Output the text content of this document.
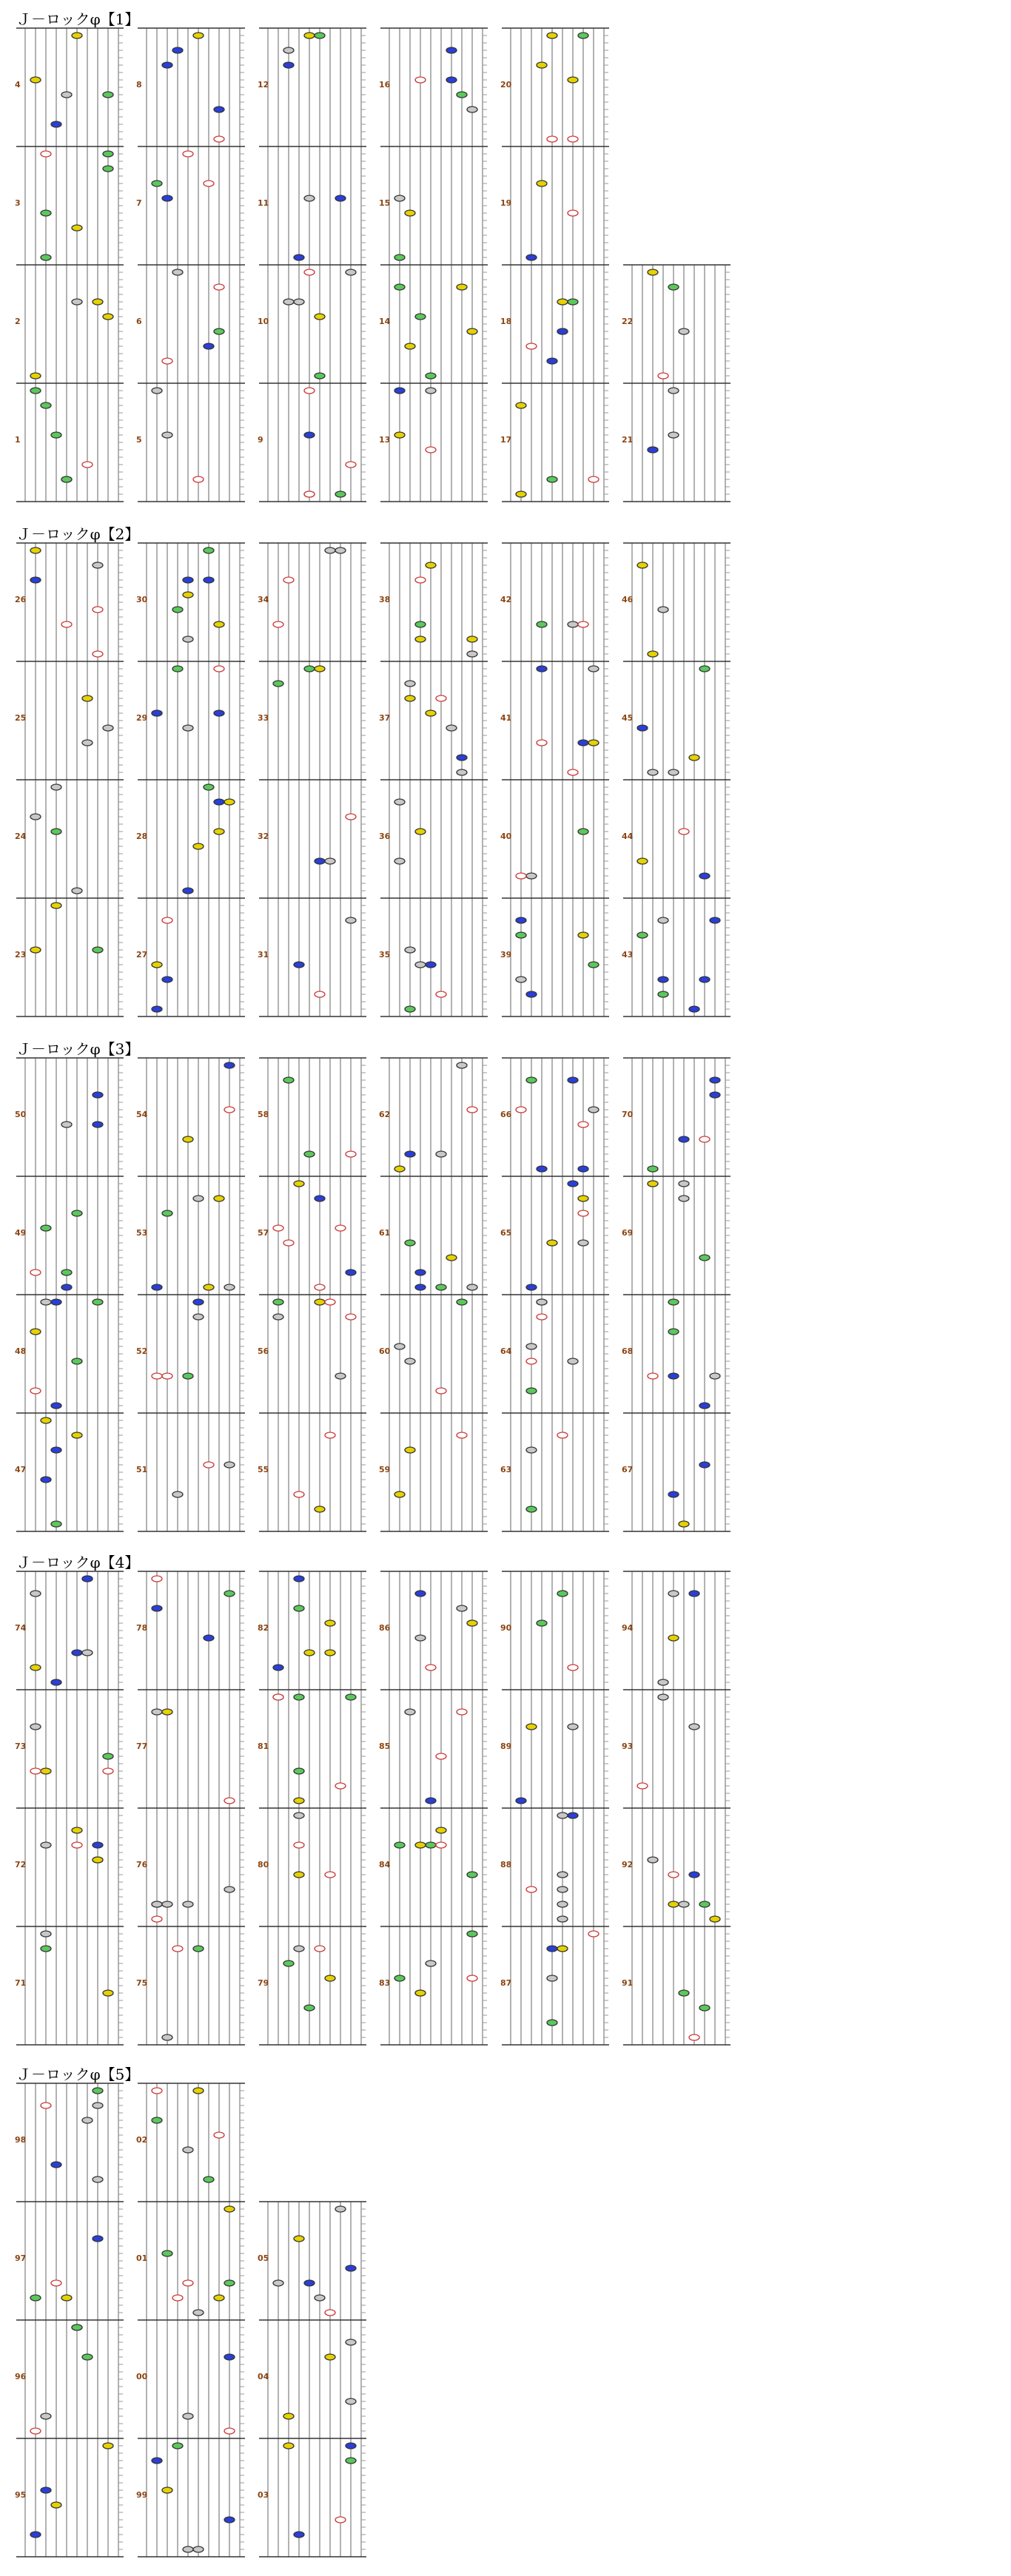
Ｊ－ロックφ【1】
Ｊ－ロックφ【2】
Ｊ－ロックφ【3】
Ｊ－ロックφ【4】
Ｊ－ロックφ【5】
4
3
2
1
8
7
6
5
12
11
10
9
16
15
14
13
20
19
18
17
22
21
26
25
24
23
30
29
28
27
34
33
32
31
38
37
36
35
42
41
40
39
46
45
44
43
50
49
48
47
54
53
52
51
58
57
56
55
62
61
60
59
66
65
64
63
70
69
68
67
74
73
72
71
78
77
76
75
82
81
80
79
86
85
84
83
90
89
88
87
94
93
92
91
98
97
96
95
02
01
00
99
05
04
03
